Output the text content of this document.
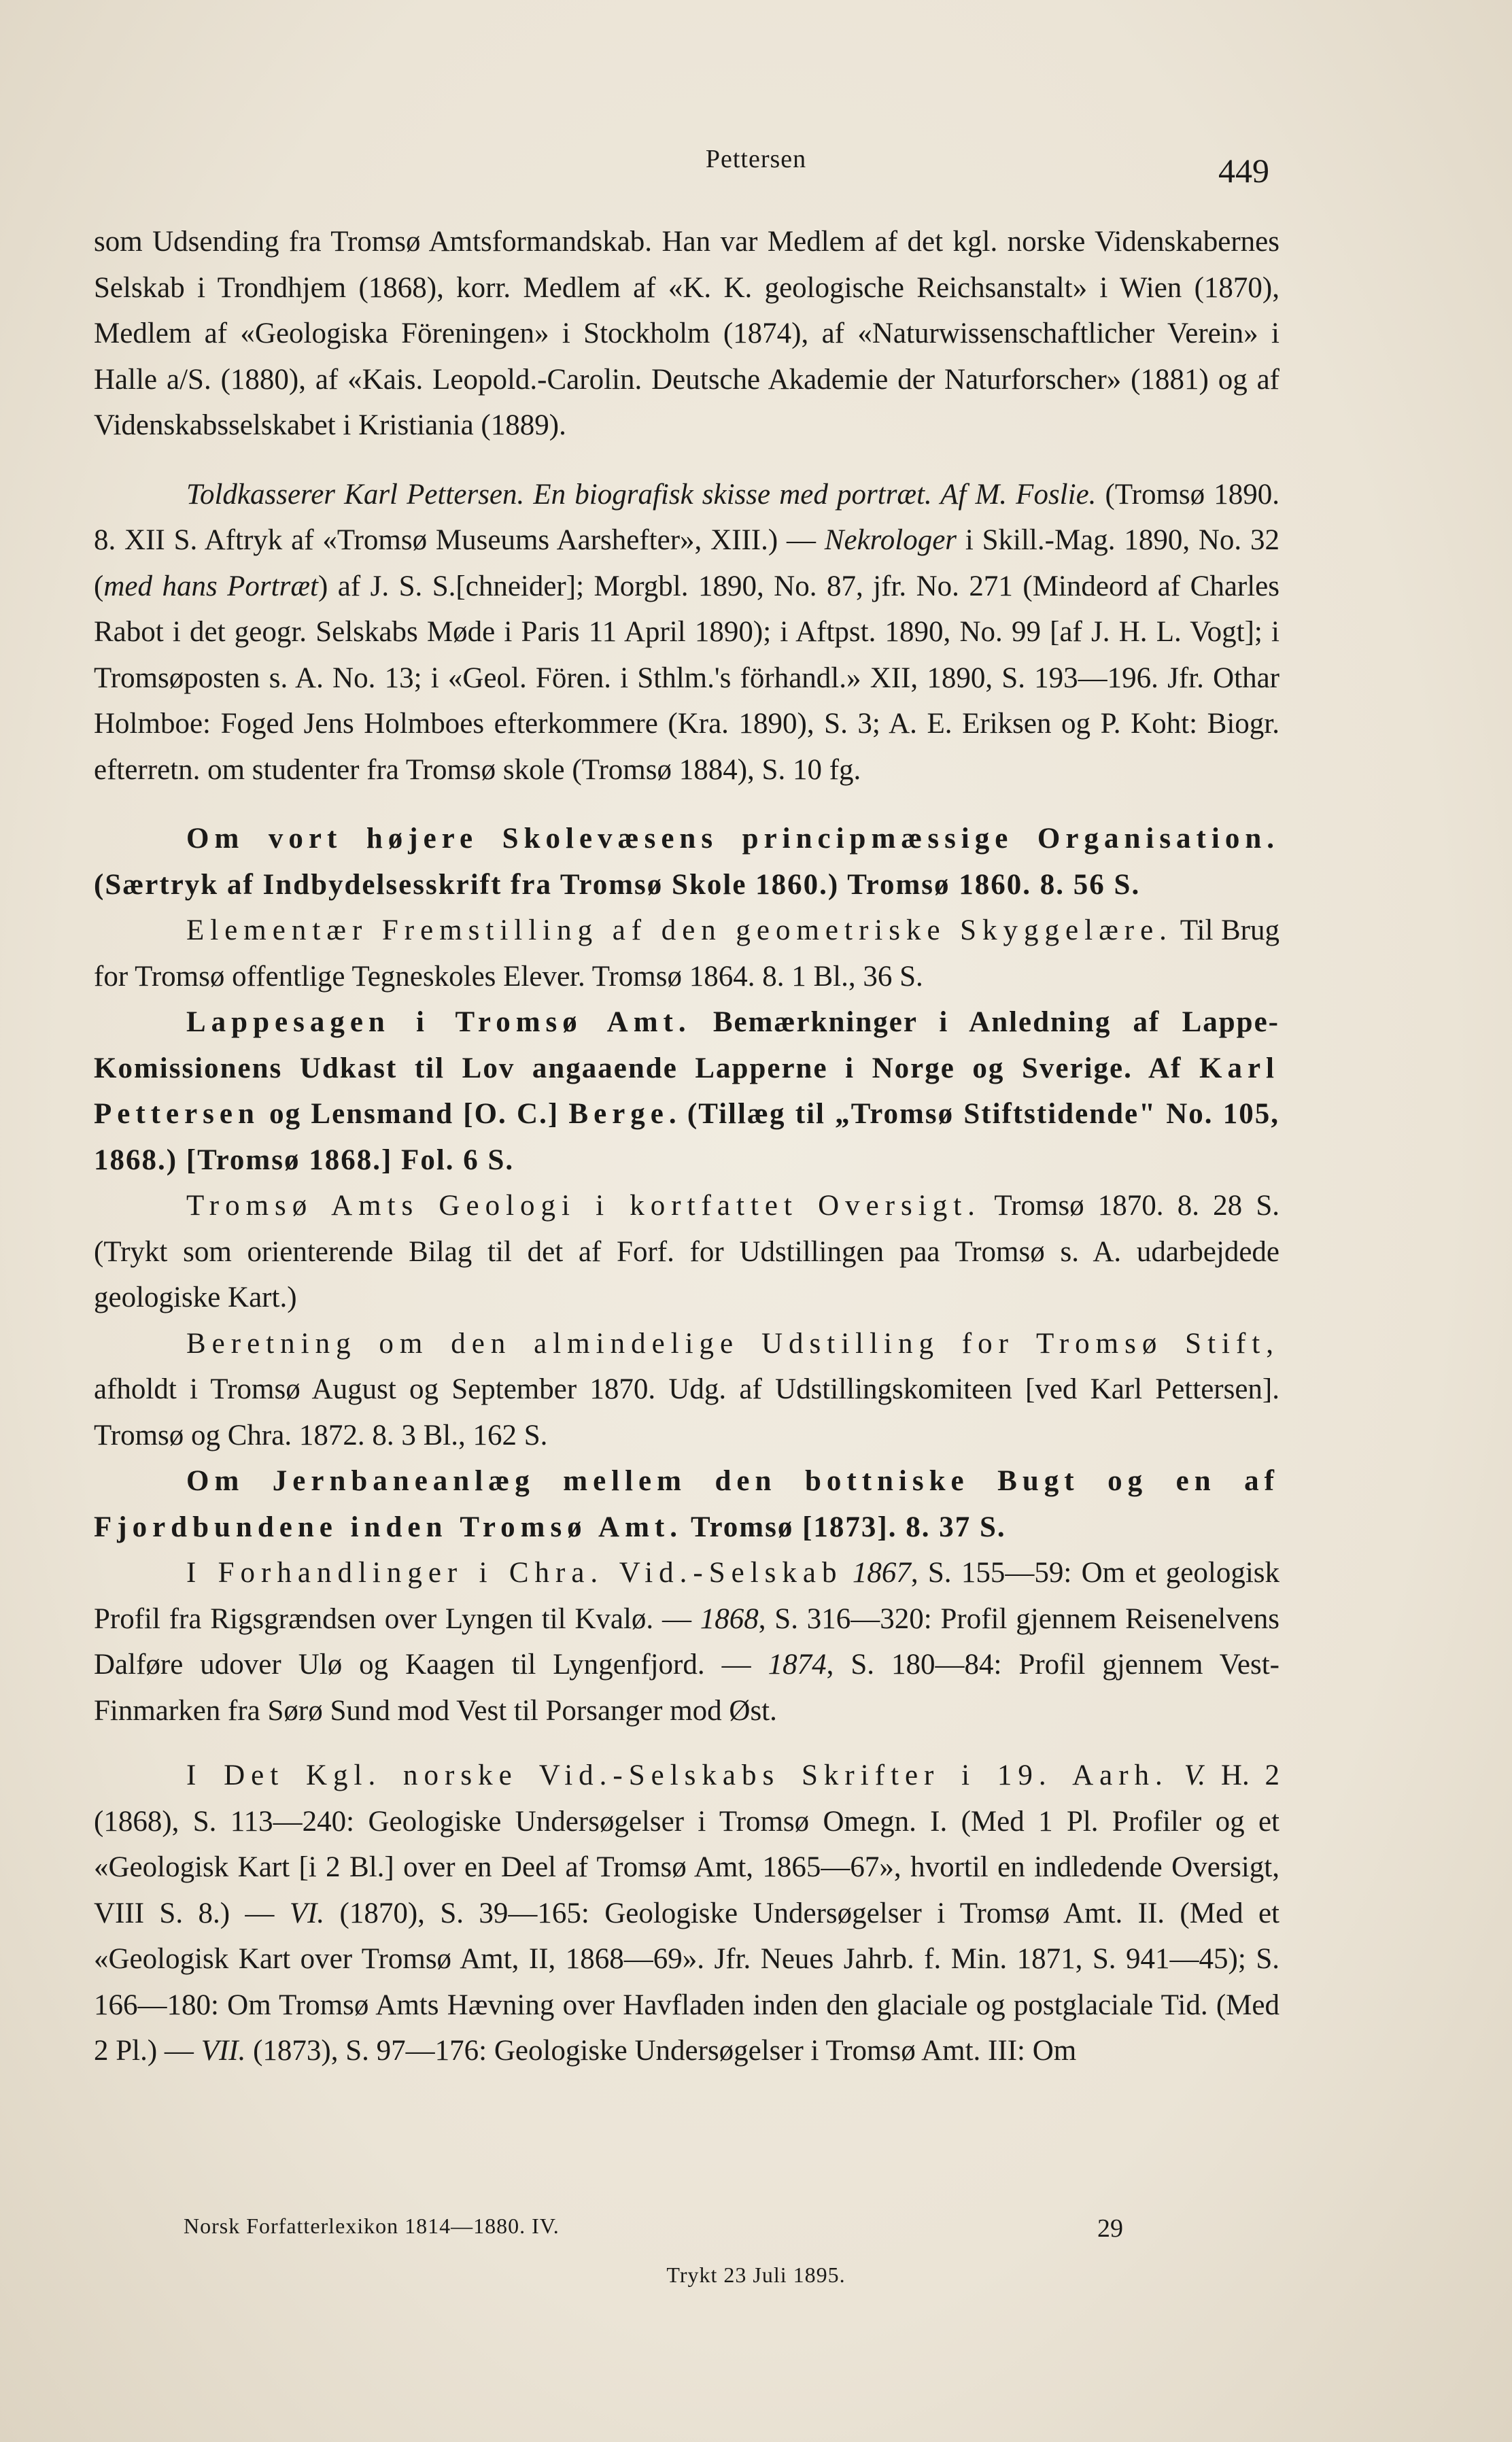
Pettersen	449

som Udsending fra Tromsø Amtsformandskab. Han var Medlem af det kgl. norske Videnskabernes Selskab i Trondhjem (1868), korr. Medlem af «K. K. geologische Reichsanstalt» i Wien (1870), Medlem af «Geologiska Föreningen» i Stockholm (1874), af «Naturwissenschaftlicher Verein» i Halle a/S. (1880), af «Kais. Leopold.-Carolin. Deutsche Akademie der Naturforscher» (1881) og af Videnskabsselskabet i Kristiania (1889).

Toldkasserer Karl Pettersen. En biografisk skisse med portræt. Af M. Foslie. (Tromsø 1890. 8. XII S. Aftryk af «Tromsø Museums Aarshefter», XIII.) — Nekrologer i Skill.-Mag. 1890, No. 32 (med hans Portræt) af J. S. S.[chneider]; Morgbl. 1890, No. 87, jfr. No. 271 (Mindeord af Charles Rabot i det geogr. Selskabs Møde i Paris 11 April 1890); i Aftpst. 1890, No. 99 [af J. H. L. Vogt]; i Tromsøposten s. A. No. 13; i «Geol. Fören. i Sthlm.'s förhandl.» XII, 1890, S. 193—196. Jfr. Othar Holmboe: Foged Jens Holmboes efterkommere (Kra. 1890), S. 3; A. E. Eriksen og P. Koht: Biogr. efterretn. om studenter fra Tromsø skole (Tromsø 1884), S. 10 fg.

Om vort højere Skolevæsens principmæssige Organisation. (Særtryk af Indbydelsesskrift fra Tromsø Skole 1860.) Tromsø 1860. 8. 56 S.

Elementær Fremstilling af den geometriske Skyggelære. Til Brug for Tromsø offentlige Tegneskoles Elever. Tromsø 1864. 8. 1 Bl., 36 S.

Lappesagen i Tromsø Amt. Bemærkninger i Anledning af Lappe-Komissionens Udkast til Lov angaaende Lapperne i Norge og Sverige. Af Karl Pettersen og Lensmand [O. C.] Berge. (Tillæg til „Tromsø Stiftstidende" No. 105, 1868.) [Tromsø 1868.] Fol. 6 S.

Tromsø Amts Geologi i kortfattet Oversigt. Tromsø 1870. 8. 28 S. (Trykt som orienterende Bilag til det af Forf. for Udstillingen paa Tromsø s. A. udarbejdede geologiske Kart.)

Beretning om den almindelige Udstilling for Tromsø Stift, afholdt i Tromsø August og September 1870. Udg. af Udstillingskomiteen [ved Karl Pettersen]. Tromsø og Chra. 1872. 8. 3 Bl., 162 S.

Om Jernbaneanlæg mellem den bottniske Bugt og en af Fjordbundene inden Tromsø Amt. Tromsø [1873]. 8. 37 S.

I Forhandlinger i Chra. Vid.-Selskab 1867, S. 155—59: Om et geologisk Profil fra Rigsgrændsen over Lyngen til Kvalø. — 1868, S. 316—320: Profil gjennem Reisenelvens Dalføre udover Ulø og Kaagen til Lyngenfjord. — 1874, S. 180—84: Profil gjennem Vest-Finmarken fra Sørø Sund mod Vest til Porsanger mod Øst.

I Det Kgl. norske Vid.-Selskabs Skrifter i 19. Aarh. V. H. 2 (1868), S. 113—240: Geologiske Undersøgelser i Tromsø Omegn. I. (Med 1 Pl. Profiler og et «Geologisk Kart [i 2 Bl.] over en Deel af Tromsø Amt, 1865—67», hvortil en indledende Oversigt, VIII S. 8.) — VI. (1870), S. 39—165: Geologiske Undersøgelser i Tromsø Amt. II. (Med et «Geologisk Kart over Tromsø Amt, II, 1868—69». Jfr. Neues Jahrb. f. Min. 1871, S. 941—45); S. 166—180: Om Tromsø Amts Hævning over Havfladen inden den glaciale og postglaciale Tid. (Med 2 Pl.) — VII. (1873), S. 97—176: Geologiske Undersøgelser i Tromsø Amt. III: Om

Norsk Forfatterlexikon 1814—1880. IV.	29
Trykt 23 Juli 1895.
